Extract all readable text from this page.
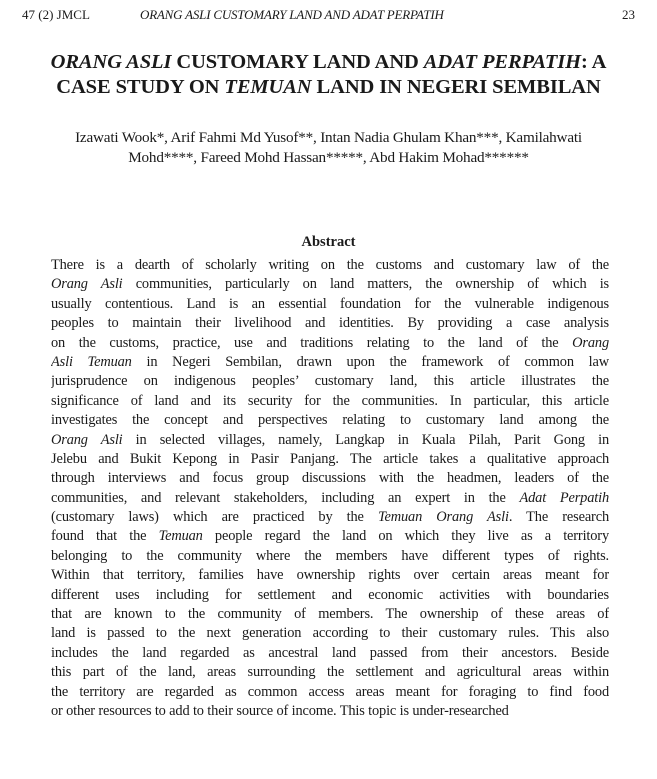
47 (2) JMCL	ORANG ASLI CUSTOMARY LAND AND ADAT PERPATIH	23
ORANG ASLI CUSTOMARY LAND AND ADAT PERPATIH: A
CASE STUDY ON TEMUAN LAND IN NEGERI SEMBILAN
Izawati Wook*, Arif Fahmi Md Yusof**, Intan Nadia Ghulam Khan***, Kamilahwati
Mohd****, Fareed Mohd Hassan*****, Abd Hakim Mohad******
Abstract
There is a dearth of scholarly writing on the customs and customary law of the
Orang Asli communities, particularly on land matters, the ownership of which is
usually contentious. Land is an essential foundation for the vulnerable indigenous
peoples to maintain their livelihood and identities. By providing a case analysis
on the customs, practice, use and traditions relating to the land of the Orang
Asli Temuan in Negeri Sembilan, drawn upon the framework of common law
jurisprudence on indigenous peoples’ customary land, this article illustrates the
significance of land and its security for the communities. In particular, this article
investigates the concept and perspectives relating to customary land among the
Orang Asli in selected villages, namely, Langkap in Kuala Pilah, Parit Gong in
Jelebu and Bukit Kepong in Pasir Panjang. The article takes a qualitative approach
through interviews and focus group discussions with the headmen, leaders of the
communities, and relevant stakeholders, including an expert in the Adat Perpatih
(customary laws) which are practiced by the Temuan Orang Asli. The research
found that the Temuan people regard the land on which they live as a territory
belonging to the community where the members have different types of rights.
Within that territory, families have ownership rights over certain areas meant for
different uses including for settlement and economic activities with boundaries
that are known to the community of members. The ownership of these areas of
land is passed to the next generation according to their customary rules. This also
includes the land regarded as ancestral land passed from their ancestors. Beside
this part of the land, areas surrounding the settlement and agricultural areas within
the territory are regarded as common access areas meant for foraging to find food
or other resources to add to their source of income. This topic is under-researched
